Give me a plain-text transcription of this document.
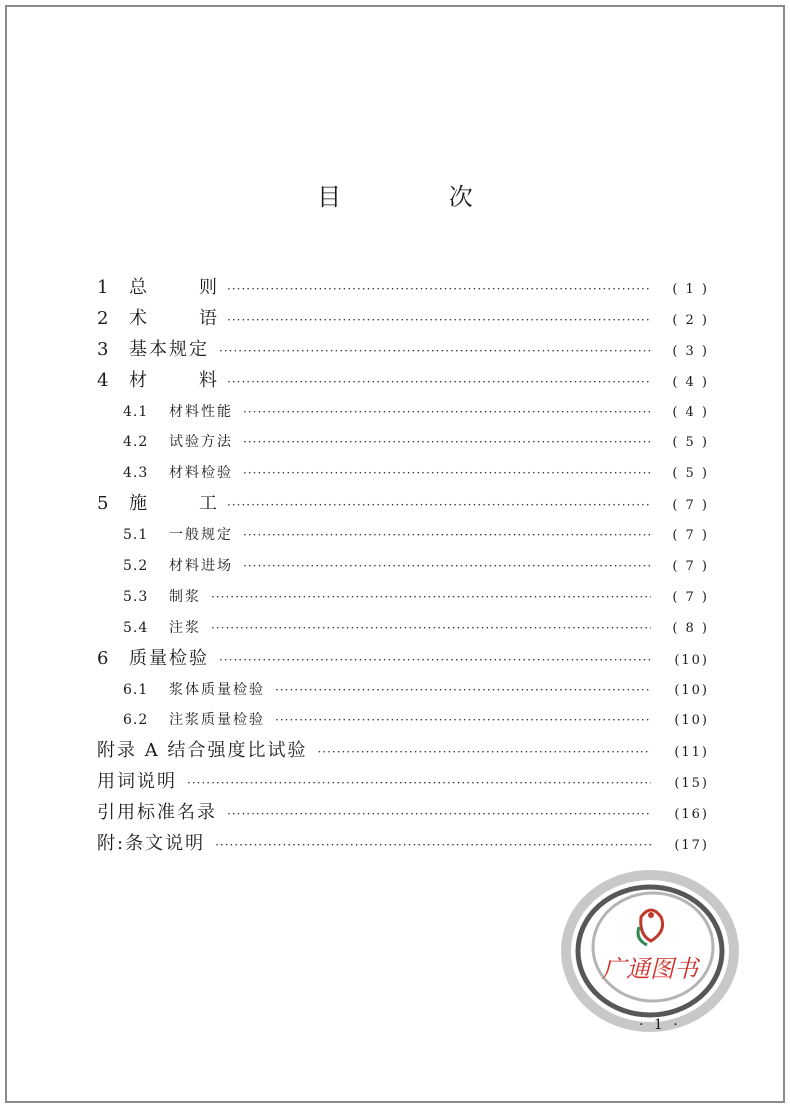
目 次
1	总则 ·····	( 1 )
2	术语 ·····	( 2 )
3	基本规定 ·····	( 3 )
4	材料 ·····	( 4 )
4.1	材料性能 ·····	( 4 )
4.2	试验方法 ·····	( 5 )
4.3	材料检验 ·····	( 5 )
5	施工 ·····	( 7 )
5.1	一般规定 ·····	( 7 )
5.2	材料进场 ·····	( 7 )
5.3	制浆 ·····	( 7 )
5.4	注浆 ·····	( 8 )
6	质量检验 ·····	(10)
6.1	浆体质量检验 ·····	(10)
6.2	注浆质量检验 ·····	(10)
附录 A 结合强度比试验 ·····	(11)
用词说明 ·····	(15)
引用标准名录 ·····	(16)
附:条文说明 ·····	(17)
广通图书
· 1 ·
